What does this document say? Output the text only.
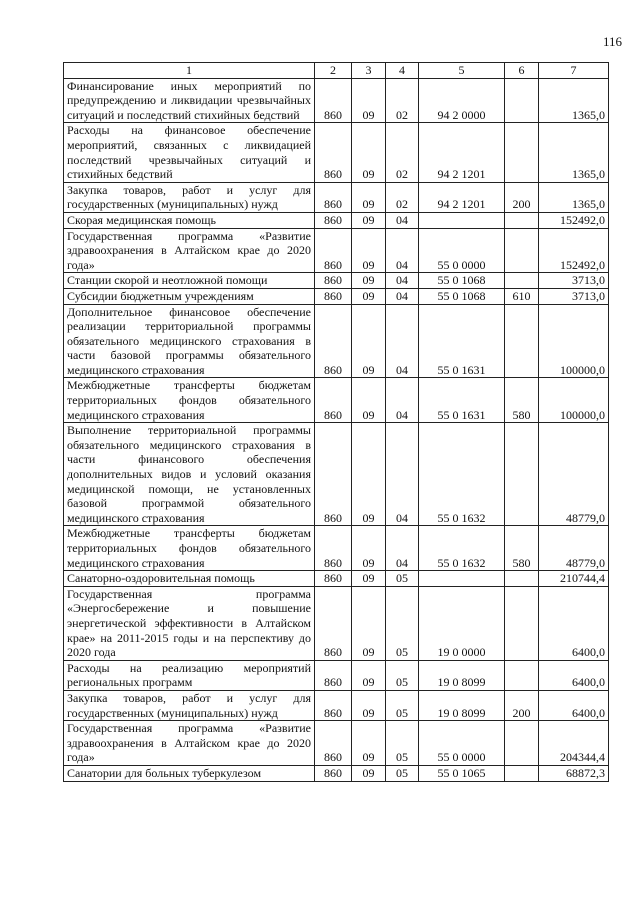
116
1	2	3	4	5	6	7
Финансирование иных мероприятий по предупреждению и ликвидации чрезвычайных ситуаций и последствий стихийных бедствий	860	09	02	94 2 0000		1365,0
Расходы на финансовое обеспечение мероприятий, связанных с ликвидацией последствий чрезвычайных ситуаций и стихийных бедствий	860	09	02	94 2 1201		1365,0
Закупка товаров, работ и услуг для государственных (муниципальных) нужд	860	09	02	94 2 1201	200	1365,0
Скорая медицинская помощь	860	09	04			152492,0
Государственная программа «Развитие здравоохранения в Алтайском крае до 2020 года»	860	09	04	55 0 0000		152492,0
Станции скорой и неотложной помощи	860	09	04	55 0 1068		3713,0
Субсидии бюджетным учреждениям	860	09	04	55 0 1068	610	3713,0
Дополнительное финансовое обеспечение реализации территориальной программы обязательного медицинского страхования в части базовой программы обязательного медицинского страхования	860	09	04	55 0 1631		100000,0
Межбюджетные трансферты бюджетам территориальных фондов обязательного медицинского страхования	860	09	04	55 0 1631	580	100000,0
Выполнение территориальной программы обязательного медицинского страхования в части финансового обеспечения дополнительных видов и условий оказания медицинской помощи, не установленных базовой программой обязательного медицинского страхования	860	09	04	55 0 1632		48779,0
Межбюджетные трансферты бюджетам территориальных фондов обязательного медицинского страхования	860	09	04	55 0 1632	580	48779,0
Санаторно-оздоровительная помощь	860	09	05			210744,4
Государственная программа «Энергосбережение и повышение энергетической эффективности в Алтайском крае» на 2011-2015 годы и на перспективу до 2020 года	860	09	05	19 0 0000		6400,0
Расходы на реализацию мероприятий региональных программ	860	09	05	19 0 8099		6400,0
Закупка товаров, работ и услуг для государственных (муниципальных) нужд	860	09	05	19 0 8099	200	6400,0
Государственная программа «Развитие здравоохранения в Алтайском крае до 2020 года»	860	09	05	55 0 0000		204344,4
Санатории для больных туберкулезом	860	09	05	55 0 1065		68872,3
